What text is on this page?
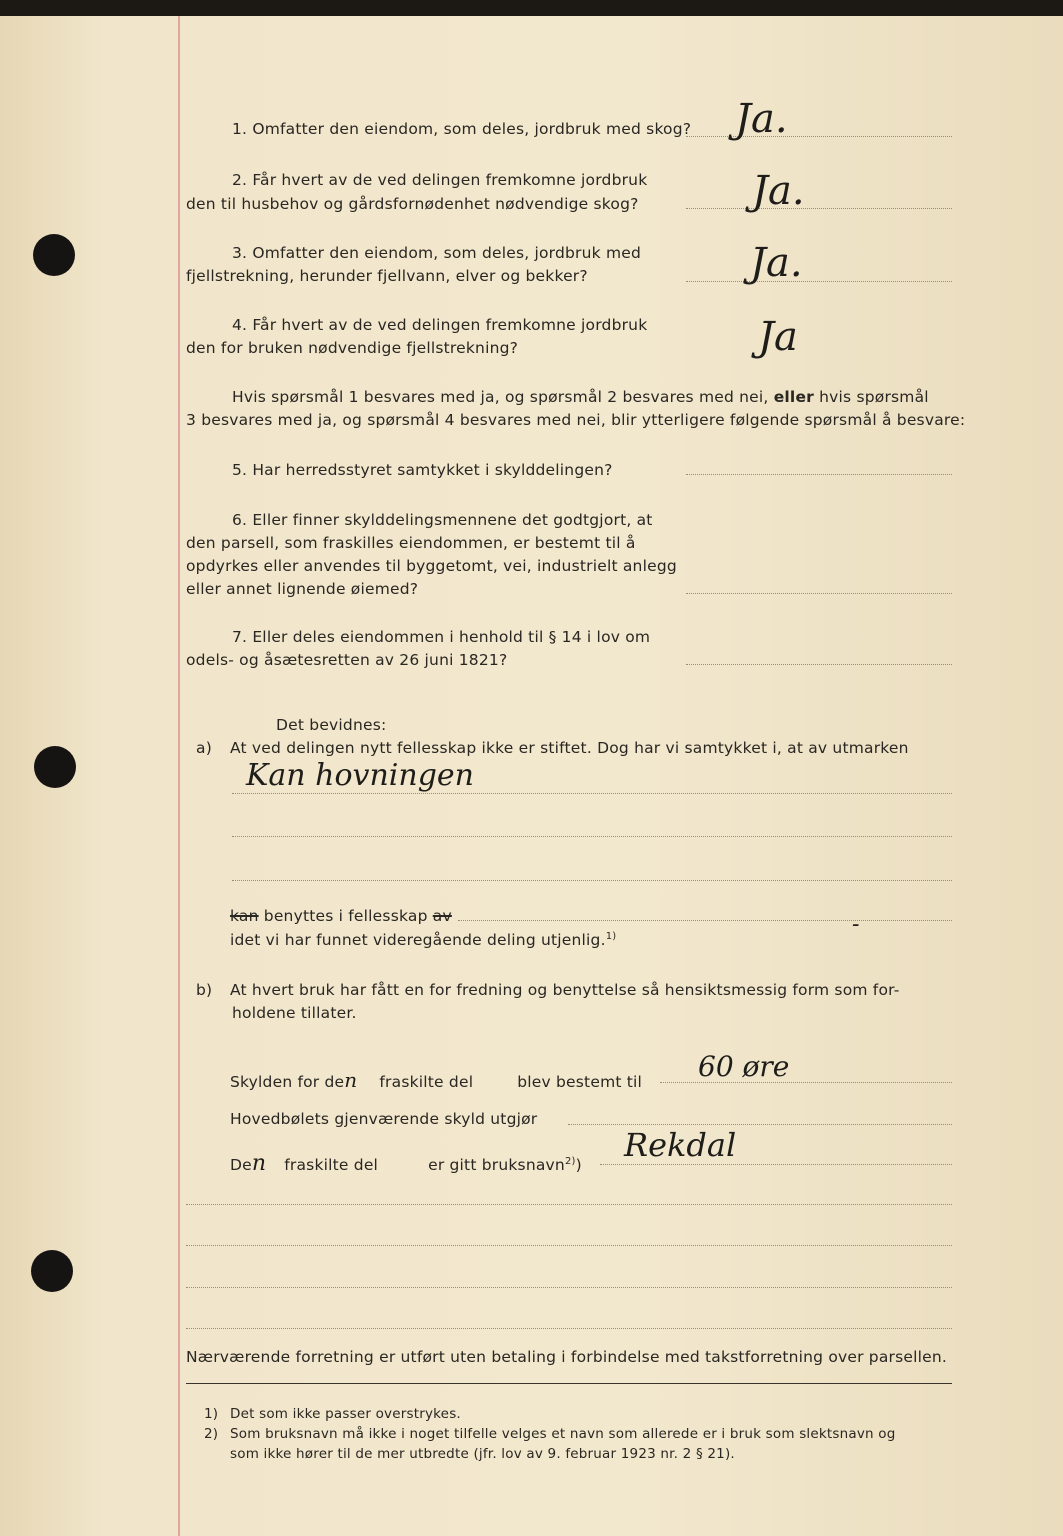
1. Omfatter den eiendom, som deles, jordbruk med skog? Ja.
2. Får hvert av de ved delingen fremkomne jordbruk
den til husbehov og gårdsfornødenhet nødvendige skog?	Ja.
3. Omfatter den eiendom, som deles, jordbruk med
fjellstrekning, herunder fjellvann, elver og bekker?	Ja.
4. Får hvert av de ved delingen fremkomne jordbruk
den for bruken nødvendige fjellstrekning?	Ja
Hvis spørsmål 1 besvares med ja, og spørsmål 2 besvares med nei, eller hvis spørsmål
3 besvares med ja, og spørsmål 4 besvares med nei, blir ytterligere følgende spørsmål å besvare:
5. Har herredsstyret samtykket i skylddelingen?
6. Eller finner skylddelingsmennene det godtgjort, at
den parsell, som fraskilles eiendommen, er bestemt til å
opdyrkes eller anvendes til byggetomt, vei, industrielt anlegg
eller annet lignende øiemed?
7. Eller deles eiendommen i henhold til § 14 i lov om
odels- og åsætesretten av 26 juni 1821?
Det bevidnes:
a) At ved delingen nytt fellesskap ikke er stiftet. Dog har vi samtykket i, at av utmarken
Kan hovningen
kan benyttes i fellesskap av
idet vi har funnet videregående deling utjenlig.$^{1)}$	-
b) At hvert bruk har fått en for fredning og benyttelse så hensiktsmessig form som for-
holdene tillater.
Skylden for den fraskilte del	blev bestemt til 60 øre
Hovedbølets gjenværende skyld utgjør
Den fraskilte del	er gitt bruksnavn$^{2)}$)
Rekdal
Nærværende forretning er utført uten betaling i forbindelse med takstforretning over parsellen.
1) Det som ikke passer overstrykes.
2) Som bruksnavn må ikke i noget tilfelle velges et navn som allerede er i bruk som slektsnavn og
som ikke hører til de mer utbredte (jfr. lov av 9. februar 1923 nr. 2 § 21).
